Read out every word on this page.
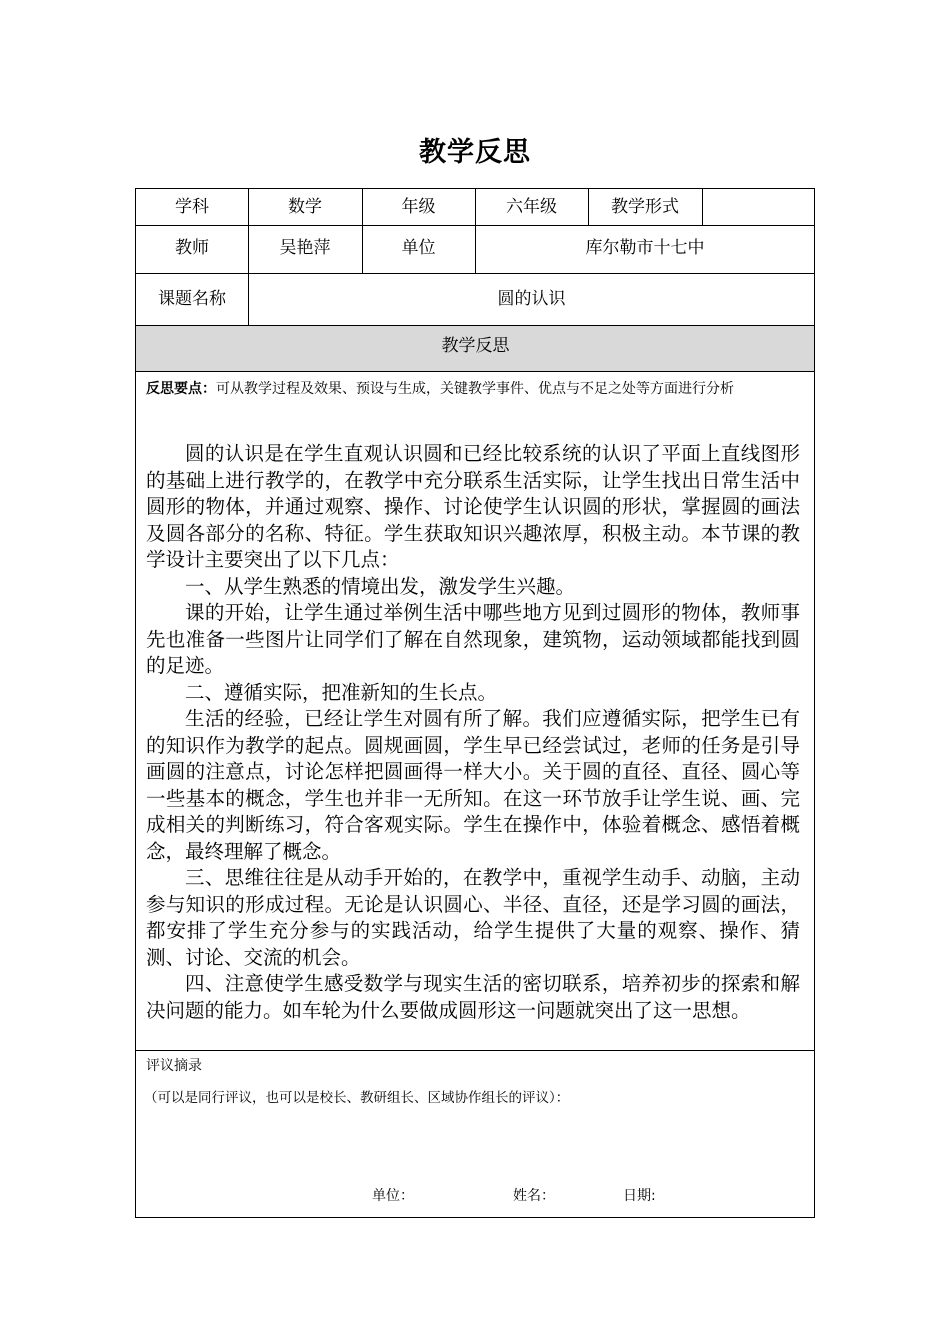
教学反思
学科	数学	年级	六年级	教学形式
教师	吴艳萍	单位	库尔勒市十七中
课题名称	圆的认识
教学反思
反思要点：可从教学过程及效果、预设与生成，关键教学事件、优点与不足之处等方面进行分析

圆的认识是在学生直观认识圆和已经比较系统的认识了平面上直线图形的基础上进行教学的，在教学中充分联系生活实际，让学生找出日常生活中圆形的物体，并通过观察、操作、讨论使学生认识圆的形状，掌握圆的画法及圆各部分的名称、特征。学生获取知识兴趣浓厚，积极主动。本节课的教学设计主要突出了以下几点：

一、从学生熟悉的情境出发，激发学生兴趣。

课的开始，让学生通过举例生活中哪些地方见到过圆形的物体，教师事先也准备一些图片让同学们了解在自然现象，建筑物，运动领域都能找到圆的足迹。

二、遵循实际，把准新知的生长点。

生活的经验，已经让学生对圆有所了解。我们应遵循实际，把学生已有的知识作为教学的起点。圆规画圆，学生早已经尝试过，老师的任务是引导画圆的注意点，讨论怎样把圆画得一样大小。关于圆的直径、直径、圆心等一些基本的概念，学生也并非一无所知。在这一环节放手让学生说、画、完成相关的判断练习，符合客观实际。学生在操作中，体验着概念、感悟着概念，最终理解了概念。

三、思维往往是从动手开始的，在教学中，重视学生动手、动脑，主动参与知识的形成过程。无论是认识圆心、半径、直径，还是学习圆的画法，都安排了学生充分参与的实践活动，给学生提供了大量的观察、操作、猜测、讨论、交流的机会。

四、注意使学生感受数学与现实生活的密切联系，培养初步的探索和解决问题的能力。如车轮为什么要做成圆形这一问题就突出了这一思想。

评议摘录
（可以是同行评议，也可以是校长、教研组长、区域协作组长的评议）：
单位：	姓名：	日期:
